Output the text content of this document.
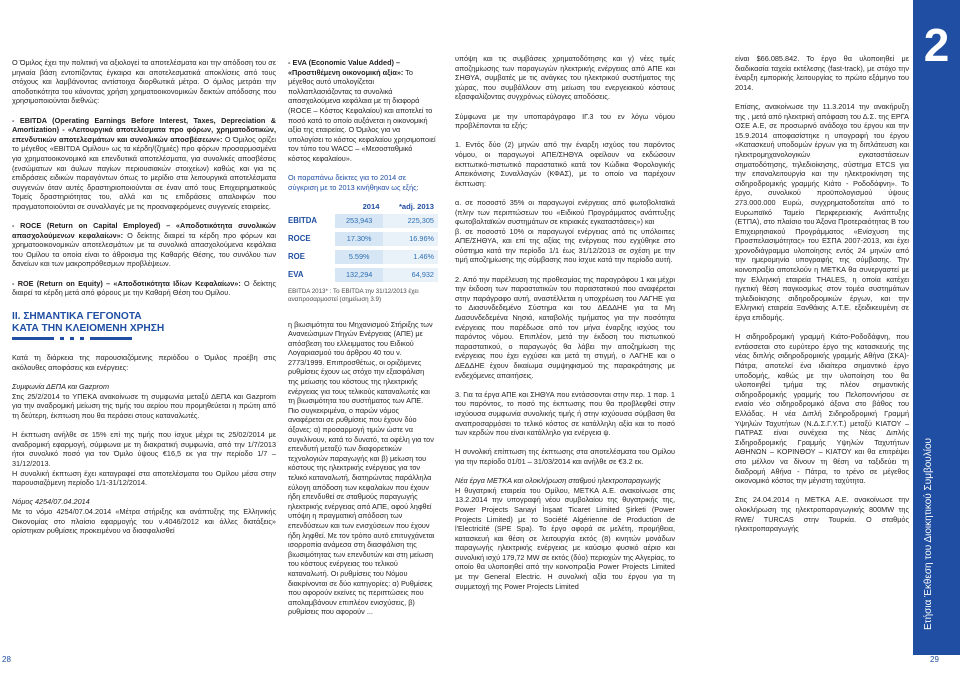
Ο Όμιλος έχει την πολιτική να αξιολογεί τα αποτελέσματα και την απόδοση του σε μηνιαία βάση εντοπίζοντας έγκαιρα και αποτελεσματικά αποκλίσεις από τους στόχους και λαμβάνοντας αντίστοιχα διορθωτικά μέτρα. Ο όμιλος μετράει την αποδοτικότητα του κάνοντας χρήση χρηματοοικονομικών δεικτών απόδοσης που χρησιμοποιούνται διεθνώς:

- EBITDA (Operating Earnings Before Interest, Taxes, Depreciation & Amortization) - «Λειτουργικά αποτελέσματα προ φόρων, χρηματοδοτικών, επενδυτικών αποτελεσμάτων και συνολικών αποσβέσεων»: Ο Όμιλος ορίζει το μέγεθος «EBITDA Ομίλου» ως τα κέρδη/(ζημιές) προ φόρων προσαρμοσμένα για χρηματοοικονομικά και επενδυτικά αποτελέσματα, για συνολικές αποσβέσεις (ενσώματων και άυλων παγίων περιουσιακών στοιχείων) καθώς και για τις επιδράσεις ειδικών παραγόντων όπως το μερίδιο στα λειτουργικά αποτελέσματα συγγενών όταν αυτές δραστηριοποιούνται σε έναν από τους Επιχειρηματικούς Τομείς δραστηριότητας του, αλλά και τις επιδράσεις απαλοιφών που πραγματοποιούνται σε συναλλαγές με τις προαναφερόμενες συγγενείς εταιρείες.

- ROCE (Return on Capital Employed) – «Αποδοτικότητα συνολικών απασχολούμενων κεφαλαίων»: Ο δείκτης διαιρεί τα κέρδη προ φόρων και χρηματοοικονομικών αποτελεσμάτων με τα συνολικά απασχολούμενα κεφάλαια του Ομίλου τα οποία είναι το άθροισμα της Καθαρής Θέσης, του συνόλου των δανείων και των μακροπρόθεσμων προβλέψεων.

- ROE (Return on Equity) – «Αποδοτικότητα Ιδίων Κεφαλαίων»: Ο δείκτης διαιρεί τα κέρδη μετά από φόρους με την Καθαρή Θέση του Ομίλου.

II. ΣΗΜΑΝΤΙΚΑ ΓΕΓΟΝΟΤΑ

ΚΑΤΑ ΤΗΝ ΚΛΕΙΟΜΕΝΗ ΧΡΗΣΗ

Κατά τη διάρκεια της παρουσιαζόμενης περιόδου ο Όμιλος προέβη στις ακόλουθες αποφάσεις και ενέργειες:

Συμφωνία ΔΕΠΑ και Gazprom

Στις 25/2/2014 το ΥΠΕΚΑ ανακοίνωσε τη συμφωνία μεταξύ ΔΕΠΑ και Gazprom για την αναδρομική μείωση της τιμής του αερίου που προμηθεύεται η πρώτη από τη δεύτερη, έκπτωση που θα περάσει στους καταναλωτές.

Η έκπτωση ανήλθε σε 15% επί της τιμής που ίσχυε μέχρι τις 25/02/2014 με αναδρομική εφαρμογή, σύμφωνα με τη διακρατική συμφωνία, από την 1/7/2013 ήτοι συνολικό ποσό για τον Όμιλο ύψους €16,5 εκ για την περίοδο 1/7 – 31/12/2013.

Η συνολική έκπτωση έχει καταγραφεί στα αποτελέσματα του Ομίλου μέσα στην παρουσιαζόμενη περίοδο 1/1-31/12/2014.

Νόμος 4254/07.04.2014

Με το νόμο 4254/07.04.2014 «Μέτρα στήριξης και ανάπτυξης της Ελληνικής Οικονομίας στο πλαίσιο εφαρμογής του ν.4046/2012 και άλλες διατάξεις» ορίστηκαν ρυθμίσεις προκειμένου να διασφαλισθεί

- EVA (Economic Value Added) – «Προστιθέμενη οικονομική αξία»: Το μέγεθος αυτό υπολογίζεται πολλαπλασιάζοντας τα συνολικά απασχολούμενα κεφάλαια με τη διαφορά (ROCE – Κόστος Κεφαλαίου) και αποτελεί το ποσό κατά το οποίο αυξάνεται η οικονομική αξία της εταιρείας. Ο Όμιλος για να υπολογίσει το κόστος κεφαλαίου χρησιμοποιεί τον τύπο του WACC – «Μεσοσταθμικό κόστος κεφαλαίου».

Οι παραπάνω δείκτες για το 2014 σε σύγκριση με το 2013 κινήθηκαν ως εξής:

	2014	*adj. 2013
EBITDA	253,943	225,305

ROCE	17.30%	16.96%

ROE	5.59%	1.46%

EVA	132,294	64,932
EBITDA 2013* : Το EBITDA την 31/12/2013 έχει αναπροσαρμοστεί (σημείωση 3.9)

η βιωσιμότητα του Μηχανισμού Στήριξης των Ανανεώσιμων Πηγών Ενέργειας (ΑΠΕ) με απόσβεση του ελλειμματος του Ειδικού Λογαριασμού του άρθρου 40 του ν. 2773/1999. Επιπροσθέτως, οι οριζόμενες ρυθμίσεις έχουν ως στόχο την εξασφάλιση της μείωσης του κόστους της ηλεκτρικής ενέργειας για τους τελικούς καταναλωτές και τη βιωσιμότητα του συστήματος των ΑΠΕ. Πιο συγκεκριμένα, ο παρών νόμος αναφέρεται σε ρυθμίσεις που έχουν δύο άξονες: α) προσαρμογή τιμών ώστε να συγκλίνουν, κατά το δυνατό, τα οφέλη για τον επενδυτή μεταξύ των διαφορετικών τεχνολογιών παραγωγής και β) μείωση του κόστους της ηλεκτρικής ενέργειας για τον τελικό καταναλωτή, διατηρώντας παράλληλα εύλογη απόδοση των κεφαλαίων που έχουν ήδη επενδυθεί σε σταθμούς παραγωγής ηλεκτρικής ενέργειας από ΑΠΕ, αφού ληφθεί υπόψη η πραγματική απόδοση των επενδύσεων και των ενισχύσεων που έχουν ήδη ληφθεί. Με τον τρόπο αυτό επιτυγχάνεται ισορροπία ανάμεσα στη διασφάλιση της βιωσιμότητας των επενδυτών και στη μείωση του κόστους ενέργειας του τελικού καταναλωτή. Οι ρυθμίσεις του Νόμου διακρίνονται σε δύο κατηγορίες: α) Ρυθμίσεις που αφορούν εκείνες τις περιπτώσεις που απολαμβάνουν επιπλέον ενισχύσεις, β) ρυθμίσεις που αφορούν ...

υπόψη και τις συμβάσεις χρηματοδότησης και γ) νέες τιμές αποζημίωσης των παραγωγών ηλεκτρικής ενέργειας από ΑΠΕ και ΣΗΘΥΑ, συμβατές με τις ανάγκες του ηλεκτρικού συστήματος της χώρας, που συμβάλλουν στη μείωση του ενεργειακού κόστους εξασφαλίζοντας συγχρόνως εύλογες αποδόσεις.

Σύμφωνα με την υποπαράγραφο ΙΓ.3 του εν λόγω νόμου προβλέπονται τα εξής:

1. Εντός δύο (2) μηνών από την έναρξη ισχύος του παρόντος νόμου, οι παραγωγοί ΑΠΕ/ΣΗΘΥΑ οφείλουν να εκδώσουν εκπτωτικό-πιστωτικό παραστατικό κατά τον Κώδικα Φορολογικής Απεικόνισης Συναλλαγών (ΚΦΑΣ), με το οποίο να παρέχουν έκπτωση:

α. σε ποσοστό 35% οι παραγωγοί ενέργειας από φωτοβολταϊκά (πλην των περιπτώσεων του «Ειδικού Προγράμματος ανάπτυξης φωτοβολταϊκών συστημάτων σε κτιριακές εγκαταστάσεις») και

β. σε ποσοστό 10% οι παραγωγοί ενέργειας από τις υπόλοιπες ΑΠΕ/ΣΗΘΥΑ, και επί της αξίας της ενέργειας που εγχύθηκε στο σύστημα κατά την περίοδο 1/1 έως 31/12/2013 σε σχέση με την τιμή αποζημίωσης της σύμβασης που ίσχυε κατά την περίοδο αυτή.

2. Από την παρέλευση της προθεσμίας της παραγράφου 1 και μέχρι την έκδοση των παραστατικών του παραστατικού που αναφέρεται στην παράγραφο αυτή, αναστέλλεται η υποχρέωση του ΛΑΓΗΕ για το Διασυνδεδεμένο Σύστημα και του ΔΕΔΔΗΕ για τα Μη Διασυνδεδεμένα Νησιά, καταβολής τιμήματος για την ποσότητα ενέργειας που παρέδωσε από τον μήνα έναρξης ισχύος του παρόντος νόμου. Επιπλέον, μετά την έκδοση του πιστωτικού παραστατικού, ο παραγωγός θα λάβει την αποζημίωση της ενέργειας που έχει εγχύσει και μετά τη στιγμή, ο ΛΑΓΗΕ και ο ΔΕΔΔΗΕ έχουν δικαίωμα συμψηφισμού της παρακράτησης με ενδεχόμενες απαιτήσεις.

3. Για τα έργα ΑΠΕ και ΣΗΘΥΑ που εντάσσονται στην περ. 1 παρ. 1 του παρόντος, το ποσό της έκπτωσης που θα προβλεφθεί στην ισχύουσα συμφωνία συνολικής τιμής ή στην ισχύουσα σύμβαση θα αναπροσαρμόσει το τελικό κόστος σε κατάλληλη αξία και το ποσό των κερδών που είναι κατάλληλο για ενέργεια ψ.

Η συνολική επίπτωση της έκπτωσης στα αποτελέσματα του Ομίλου για την περίοδο 01/01 – 31/03/2014 και ανήλθε σε €3.2 εκ.

Νέα έργα ΜΕΤΚΑ και ολοκλήρωση σταθμού ηλεκτροπαραγωγής

Η θυγατρική εταιρεία του Ομίλου, ΜΕΤΚΑ Α.Ε. ανακοίνωσε στις 13.2.2014 την υπογραφή νέου συμβολαίου της θυγατρικής της, Power Projects Sanayi İnşaat Ticaret Limited Şirketi (Power Projects Limited) με το Société Algérienne de Production de l'Electricité (SPE Spa). Το έργο αφορά σε μελέτη, προμήθεια, κατασκευή και θέση σε λειτουργία εκτός (8) κινητών μονάδων παραγωγής ηλεκτρικής ενέργειας με καύσιμο φυσικό αέριο και συνολική ισχύ 179,72 MW σε εκτός (δύο) περιοχών της Αλγερίας, το οποίο θα υλοποιηθεί από την κοινοπραξία Power Projects Limited με την General Electric. Η συνολική αξία του έργου για τη συμμετοχή της Power Projects Limited

είναι $66.085.842. Το έργο θα υλοποιηθεί με διαδικασία ταχεία εκτέλεσης (fast-track), με στόχο την έναρξη εμπορικής λειτουργίας το πρώτο εξάμηνο του 2014.

Επίσης, ανακοίνωσε την 11.3.2014 την ανακήρυξη της , μετά από ηλεκτρική απόφαση του Δ.Σ. της ΕΡΓΑ ΟΣΕ Α.Ε, σε προσωρινό ανάδοχο του έργου και την 15.9.2014 αποφασίστηκε η υπογραφή του έργου «Κατασκευή υποδομών έργων για τη διπλάτευση και ηλεκτρομηχανολογικών εγκαταστάσεων σηματοδότησης, τηλεδιοίκησης, σύστημα ETCS για την επαναλειτουργία και την ηλεκτροκίνηση της σιδηροδρομικής γραμμής Κιάτο - Ροδοδάφνη». Το έργο, συνολικού προϋπολογισμού ύψους 273.000.000 Ευρώ, συγχρηματοδοτείται από το Ευρωπαϊκό Ταμείο Περιφερειακής Ανάπτυξης (ΕΤΠΑ), στο πλαίσιο του Άξονα Προτεραιότητας Β του Επιχειρησιακού Προγράμματος «Ενίσχυση της Προσπελασιμότητας» του ΕΣΠΑ 2007-2013, και έχει χρονοδιάγραμμα υλοποίησης εντός 24 μηνών από την ημερομηνία υπογραφής της σύμβασης. Την κοινοπραξία αποτελούν η ΜΕΤΚΑ θα συνεργαστεί με την Ελληνική εταιρεία THALES, η οποία κατέχει ηγετική θέση παγκοσμίως στον τομέα συστημάτων τηλεδιοίκησης σιδηροδρομικών έργων, και την Ελληνική εταιρεία Ξανθάκης Α.Τ.Ε. εξειδικευμένη σε έργα επιδομής.

Η σιδηροδρομική γραμμή Κιάτο-Ροδοδάφνη, που εντάσσεται στο ευρύτερο έργο της κατασκευής της νέας διπλής σιδηροδρομικής γραμμής Αθήνα (ΣΚΑ)-Πάτρα, αποτελεί ένα ιδιαίτερα σημαντικό έργο υποδομής, καθώς με την υλοποίηση του θα υλοποιηθεί τμήμα της πλέον σημαντικής σιδηροδρομικής γραμμής του Πελοποννήσου σε ενιαίο νέο σιδηροδρομικό άξονα στο βάθος του Ελλάδας. Η νέα Διπλή Σιδηροδρομική Γραμμή Υψηλών Ταχυτήτων (Ν.Δ.Σ.Γ.Υ.Τ.) μεταξύ ΚΙΑΤΟΥ – ΠΑΤΡΑΣ είναι συνέχεια της Νέας Διπλής Σιδηροδρομικής Γραμμής Υψηλών Ταχυτήτων ΑΘΗΝΩΝ – ΚΟΡΙΝΘΟΥ – ΚΙΑΤΟΥ και θα επιτρέψει στο μέλλον να δίνουν τη θέση να ταξιδεύει τη διαδρομή Αθήνα - Πάτρα, το τρένο σε μέγεθος οικονομικό κόστος την μέγιστη ταχύτητα.

Στις 24.04.2014 η ΜΕΤΚΑ Α.Ε. ανακοίνωσε την ολοκλήρωση της ηλεκτροπαραγωγικής 800MW της RWE/ TURCAS στην Τουρκία. Ο σταθμός ηλεκτροπαραγωγής

2
Ετήσια Έκθεση του Διοικητικού Συμβουλίου
28	29
